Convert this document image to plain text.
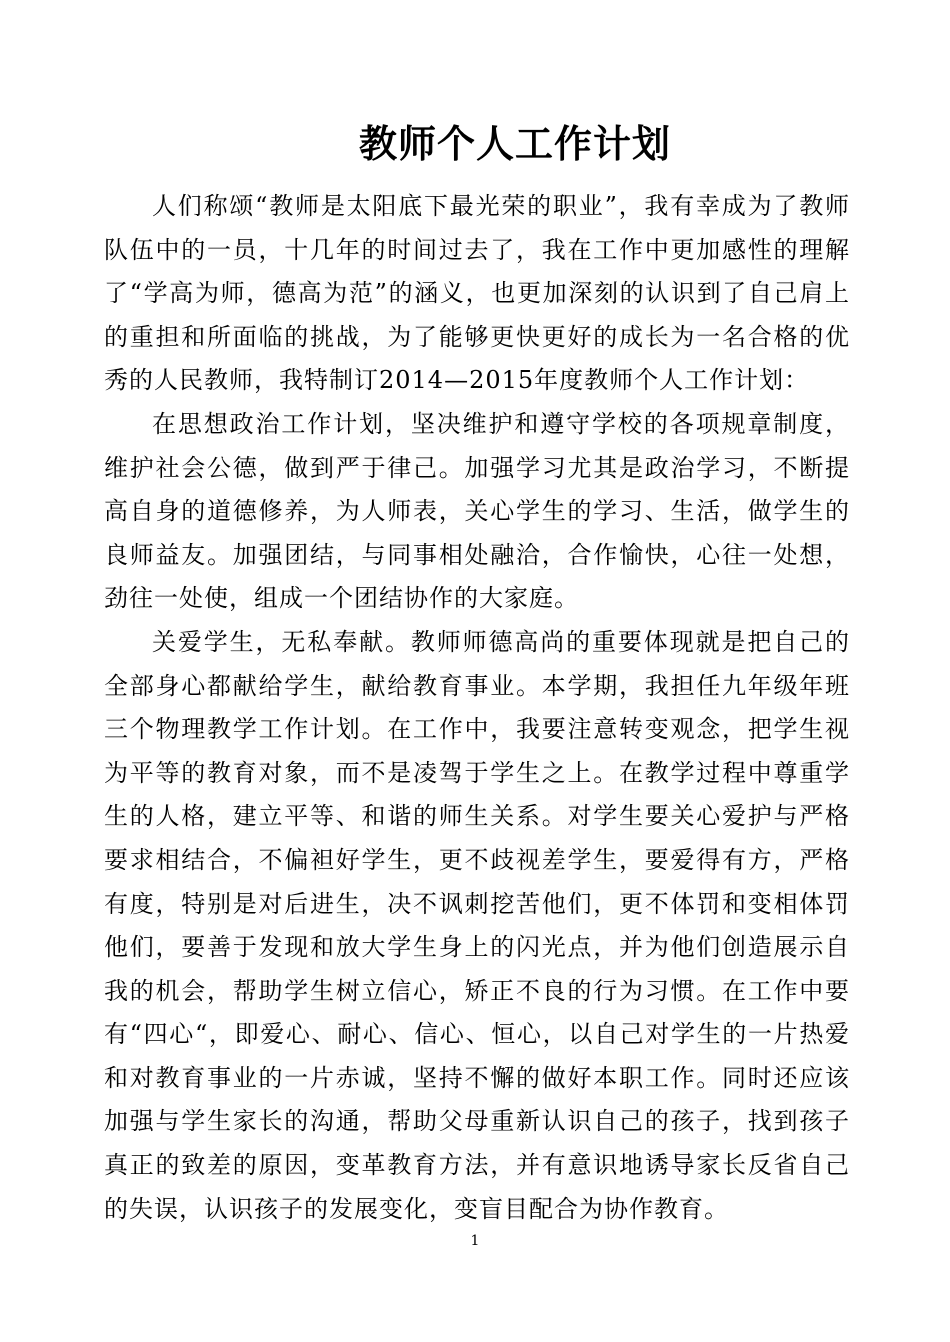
教师个人工作计划

人们称颂“教师是太阳底下最光荣的职业”，我有幸成为了教师队伍中的一员，十几年的时间过去了，我在工作中更加感性的理解了“学高为师，德高为范”的涵义，也更加深刻的认识到了自己肩上的重担和所面临的挑战，为了能够更快更好的成长为一名合格的优秀的人民教师，我特制订2014—2015年度教师个人工作计划：

在思想政治工作计划，坚决维护和遵守学校的各项规章制度，维护社会公德，做到严于律己。加强学习尤其是政治学习，不断提高自身的道德修养，为人师表，关心学生的学习、生活，做学生的良师益友。加强团结，与同事相处融洽，合作愉快，心往一处想，劲往一处使，组成一个团结协作的大家庭。

关爱学生，无私奉献。教师师德高尚的重要体现就是把自己的全部身心都献给学生，献给教育事业。本学期，我担任九年级年班三个物理教学工作计划。在工作中，我要注意转变观念，把学生视为平等的教育对象，而不是凌驾于学生之上。在教学过程中尊重学生的人格，建立平等、和谐的师生关系。对学生要关心爱护与严格要求相结合，不偏袒好学生，更不歧视差学生，要爱得有方，严格有度，特别是对后进生，决不讽刺挖苦他们，更不体罚和变相体罚他们，要善于发现和放大学生身上的闪光点，并为他们创造展示自我的机会，帮助学生树立信心，矫正不良的行为习惯。在工作中要有“四心“，即爱心、耐心、信心、恒心，以自己对学生的一片热爱和对教育事业的一片赤诚，坚持不懈的做好本职工作。同时还应该加强与学生家长的沟通，帮助父母重新认识自己的孩子，找到孩子真正的致差的原因，变革教育方法，并有意识地诱导家长反省自己的失误，认识孩子的发展变化，变盲目配合为协作教育。

1
